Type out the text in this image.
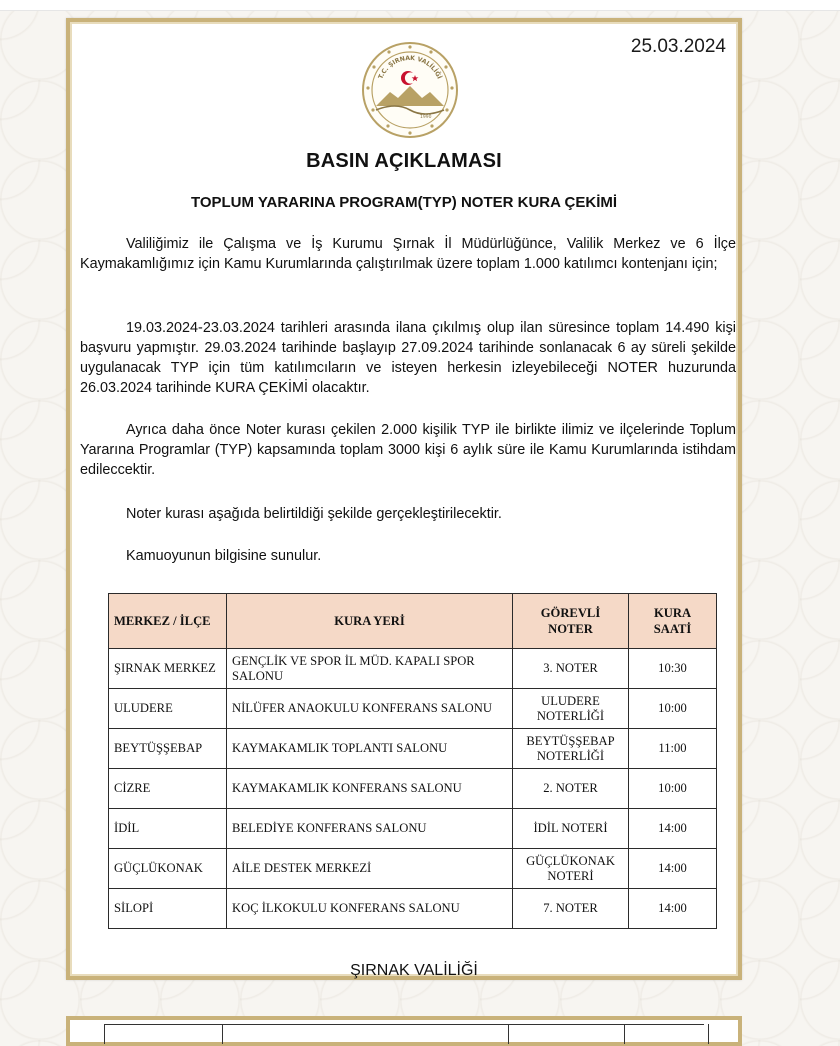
25.03.2024
T.C. ŞIRNAK VALİLİĞİ
1990
BASIN AÇIKLAMASI
TOPLUM YARARINA PROGRAM(TYP) NOTER KURA ÇEKİMİ

Valiliğimiz ile Çalışma ve İş Kurumu Şırnak İl Müdürlüğünce, Valilik Merkez ve 6 İlçe Kaymakamlığımız için Kamu Kurumlarında çalıştırılmak üzere toplam 1.000 katılımcı kontenjanı için;

19.03.2024-23.03.2024 tarihleri arasında ilana çıkılmış olup ilan süresince toplam 14.490 kişi başvuru yapmıştır. 29.03.2024 tarihinde başlayıp 27.09.2024 tarihinde sonlanacak 6 ay süreli şekilde uygulanacak TYP için tüm katılımcıların ve isteyen herkesin izleyebileceği NOTER huzurunda 26.03.2024 tarihinde KURA ÇEKİMİ olacaktır.

Ayrıca daha önce Noter kurası çekilen 2.000 kişilik TYP ile birlikte ilimiz ve ilçelerinde Toplum Yararına Programlar (TYP) kapsamında toplam 3000 kişi 6 aylık süre ile Kamu Kurumlarında istihdam edileccektir.

Noter kurası aşağıda belirtildiği şekilde gerçekleştirilecektir.

Kamuoyunun bilgisine sunulur.

MERKEZ / İLÇE	KURA YERİ	GÖREVLİ NOTER	KURA SAATİ
ŞIRNAK MERKEZ	GENÇLİK VE SPOR İL MÜD. KAPALI SPOR SALONU	3. NOTER	10:30
ULUDERE	NİLÜFER ANAOKULU KONFERANS SALONU	ULUDERE NOTERLİĞİ	10:00
BEYTÜŞŞEBAP	KAYMAKAMLIK TOPLANTI SALONU	BEYTÜŞŞEBAP NOTERLİĞİ	11:00
CİZRE	KAYMAKAMLIK KONFERANS SALONU	2. NOTER	10:00
İDİL	BELEDİYE KONFERANS SALONU	İDİL NOTERİ	14:00
GÜÇLÜKONAK	AİLE DESTEK MERKEZİ	GÜÇLÜKONAK NOTERİ	14:00
SİLOPİ	KOÇ İLKOKULU KONFERANS SALONU	7. NOTER	14:00
ŞIRNAK VALİLİĞİ
